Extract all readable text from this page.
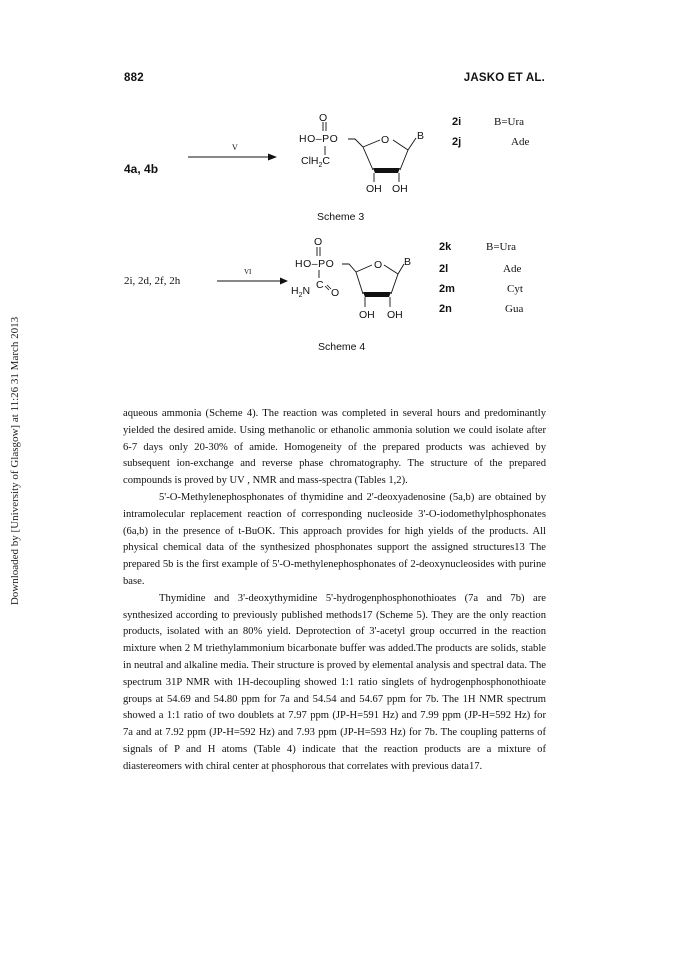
882	JASKO ET AL.
Downloaded by [University of Glasgow] at 11:26 31 March 2013
4a, 4b
V
O
HO–PO
ClH$_2$C
O	B
OH OH
2i	B=Ura
2j	Ade
Scheme 3
2i, 2d, 2f, 2h
VI
O
HO–PO
$H_2N$ C
O
O B
OH OH
2k	B=Ura
2l	Ade
2m	Cyt
2n	Gua
Scheme 4

aqueous ammonia (Scheme 4). The reaction was completed in several hours and predominantly yielded the desired amide. Using methanolic or ethanolic ammonia solution we could isolate after 6-7 days only 20-30% of amide. Homogeneity of the prepared products was achieved by subsequent ion-exchange and reverse phase chromatography. The structure of the prepared compounds is proved by UV , NMR and mass-spectra (Tables 1,2).

5'-O-Methylenephosphonates of thymidine and 2'-deoxyadenosine (5a,b) are obtained by intramolecular replacement reaction of corresponding nucleoside 3'-O-iodomethylphosphonates (6a,b) in the presence of t-BuOK. This approach provides for high yields of the products. All physical chemical data of the synthesized phosphonates support the assigned structures13 The prepared 5b is the first example of 5'-O-methylenephosphonates of 2-deoxynucleosides with purine base.

Thymidine and 3'-deoxythymidine 5'-hydrogenphosphonothioates (7a and 7b) are synthesized according to previously published methods17 (Scheme 5). They are the only reaction products, isolated with an 80% yield. Deprotection of 3'-acetyl group occurred in the reaction mixture when 2 M triethylammonium bicarbonate buffer was added.The products are solids, stable in neutral and alkaline media. Their structure is proved by elemental analysis and spectral data. The spectrum 31P NMR with 1H-decoupling showed 1:1 ratio singlets of hydrogenphosphonothioate groups at 54.69 and 54.80 ppm for 7a and 54.54 and 54.67 ppm for 7b. The 1H NMR spectrum showed a 1:1 ratio of two doublets at 7.97 ppm (JP-H=591 Hz) and 7.99 ppm (JP-H=592 Hz) for 7a and at 7.92 ppm (JP-H=592 Hz) and 7.93 ppm (JP-H=593 Hz) for 7b. The coupling patterns of signals of P and H atoms (Table 4) indicate that the reaction products are a mixture of diastereomers with chiral center at phosphorous that correlates with previous data17.
